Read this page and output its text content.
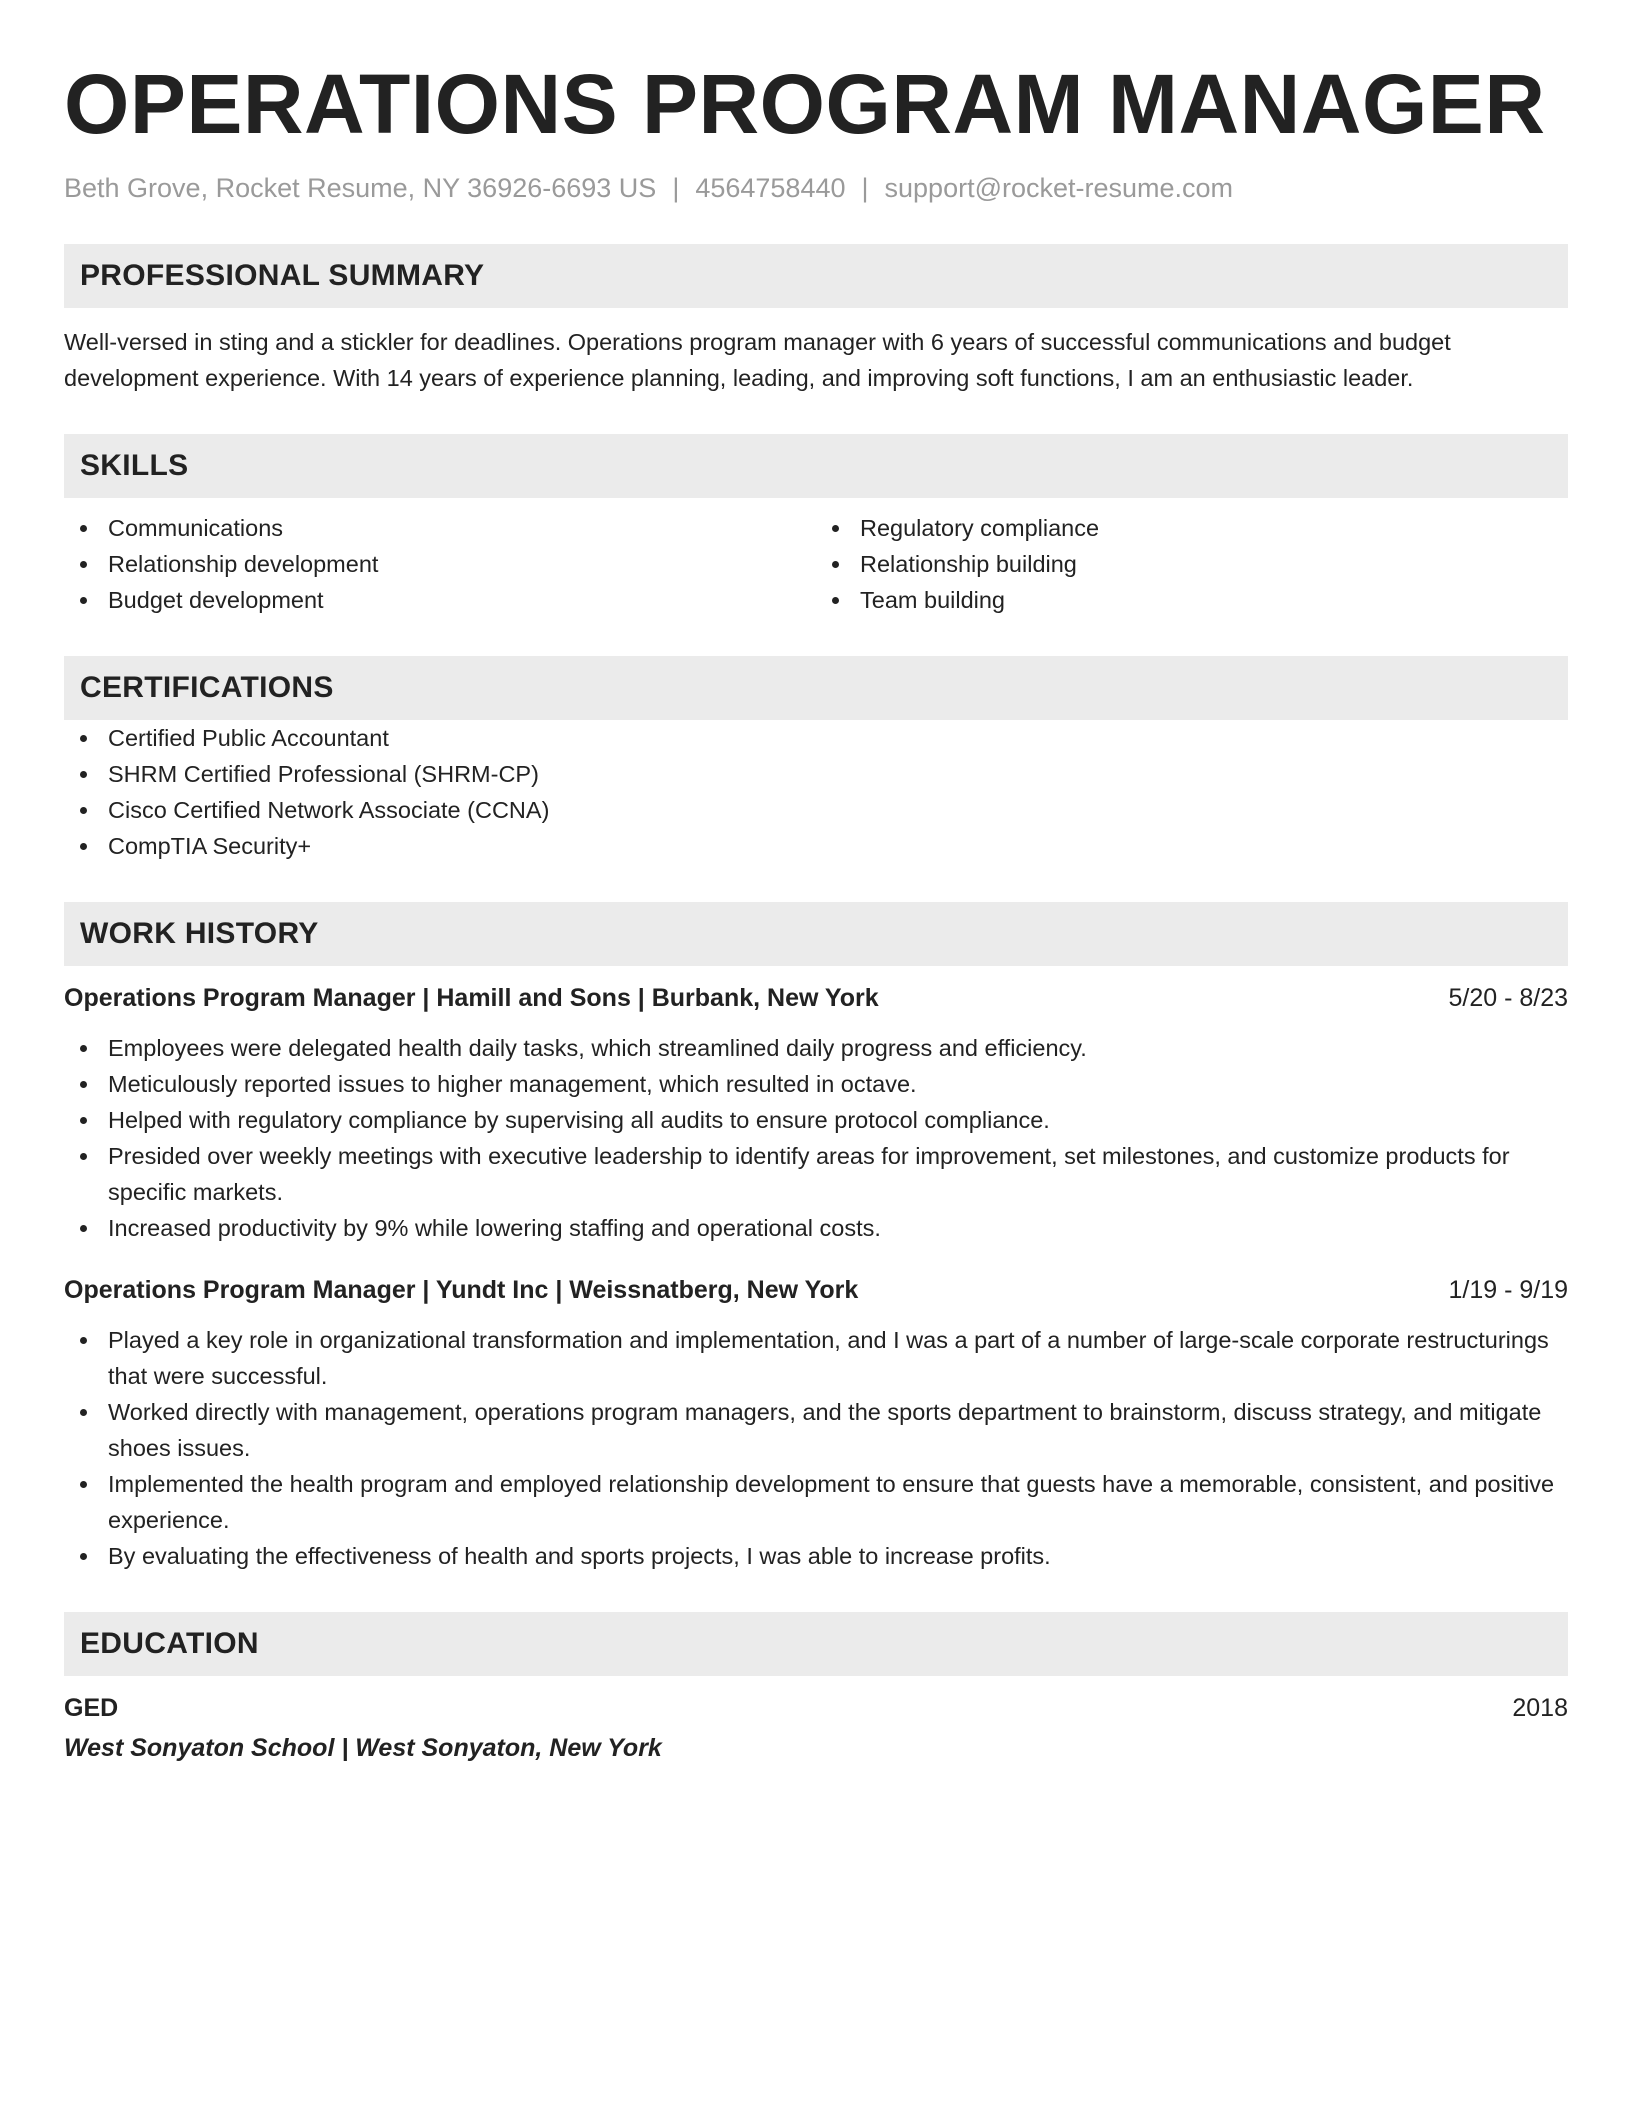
OPERATIONS PROGRAM MANAGER
Beth Grove, Rocket Resume, NY 36926-6693 US | 4564758440 | support@rocket-resume.com
PROFESSIONAL SUMMARY
Well-versed in sting and a stickler for deadlines. Operations program manager with 6 years of successful communications and budget development experience. With 14 years of experience planning, leading, and improving soft functions, I am an enthusiastic leader.
SKILLS
Communications
Relationship development
Budget development
Regulatory compliance
Relationship building
Team building
CERTIFICATIONS
Certified Public Accountant
SHRM Certified Professional (SHRM-CP)
Cisco Certified Network Associate (CCNA)
CompTIA Security+
WORK HISTORY
Operations Program Manager | Hamill and Sons | Burbank, New York	5/20 - 8/23
Employees were delegated health daily tasks, which streamlined daily progress and efficiency.
Meticulously reported issues to higher management, which resulted in octave.
Helped with regulatory compliance by supervising all audits to ensure protocol compliance.
Presided over weekly meetings with executive leadership to identify areas for improvement, set milestones, and customize products for specific markets.
Increased productivity by 9% while lowering staffing and operational costs.
Operations Program Manager | Yundt Inc | Weissnatberg, New York	1/19 - 9/19
Played a key role in organizational transformation and implementation, and I was a part of a number of large-scale corporate restructurings that were successful.
Worked directly with management, operations program managers, and the sports department to brainstorm, discuss strategy, and mitigate shoes issues.
Implemented the health program and employed relationship development to ensure that guests have a memorable, consistent, and positive experience.
By evaluating the effectiveness of health and sports projects, I was able to increase profits.
EDUCATION
GED	2018
West Sonyaton School | West Sonyaton, New York
